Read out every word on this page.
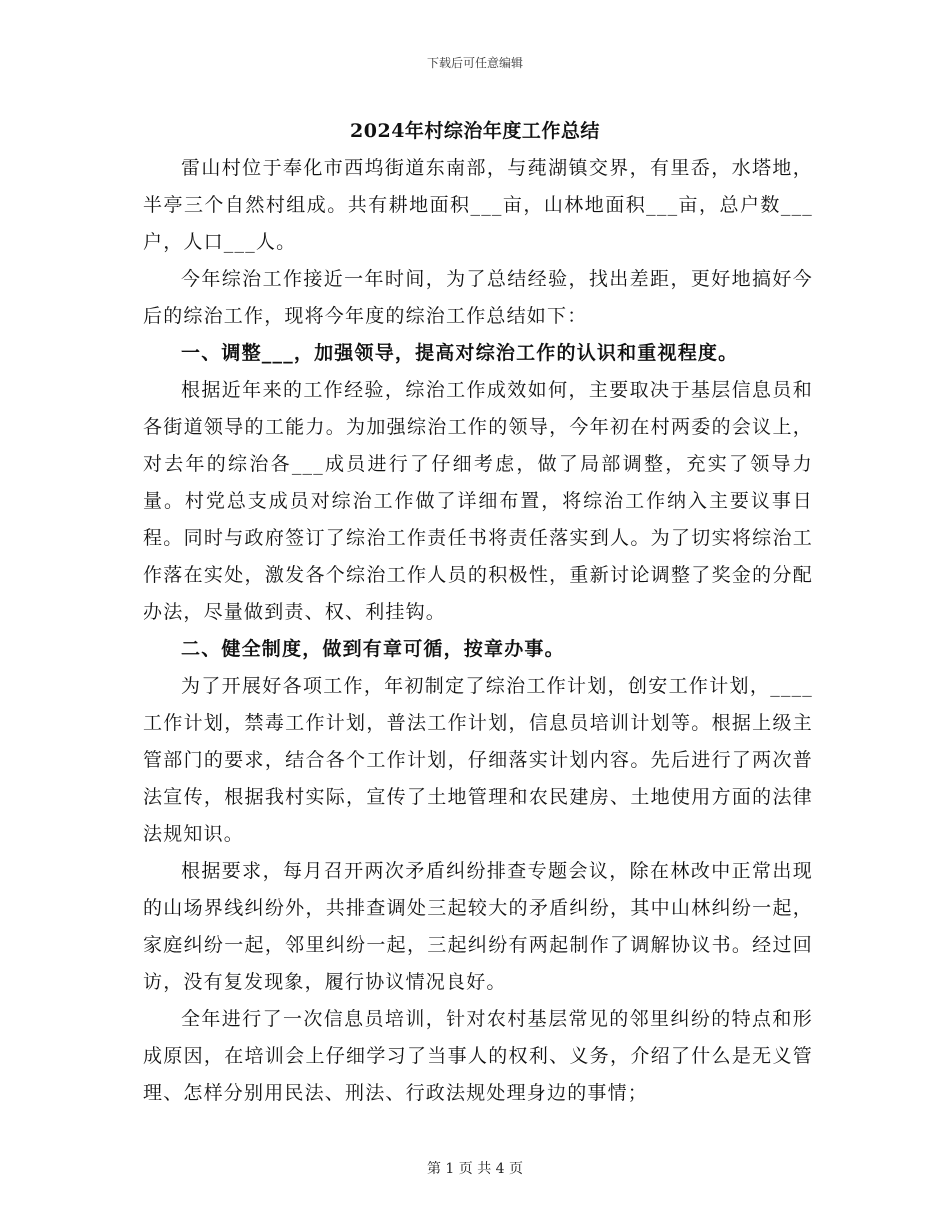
下载后可任意编辑
2024年村综治年度工作总结

雷山村位于奉化市西坞街道东南部，与莼湖镇交界，有里岙，水塔地，半亭三个自然村组成。共有耕地面积___亩，山林地面积___亩，总户数___户，人口___人。

今年综治工作接近一年时间，为了总结经验，找出差距，更好地搞好今后的综治工作，现将今年度的综治工作总结如下：

一、调整___，加强领导，提高对综治工作的认识和重视程度。

根据近年来的工作经验，综治工作成效如何，主要取决于基层信息员和各街道领导的工能力。为加强综治工作的领导，今年初在村两委的会议上，对去年的综治各___成员进行了仔细考虑，做了局部调整，充实了领导力量。村党总支成员对综治工作做了详细布置，将综治工作纳入主要议事日程。同时与政府签订了综治工作责任书将责任落实到人。为了切实将综治工作落在实处，激发各个综治工作人员的积极性，重新讨论调整了奖金的分配办法，尽量做到责、权、利挂钩。

二、健全制度，做到有章可循，按章办事。

为了开展好各项工作，年初制定了综治工作计划，创安工作计划，____工作计划，禁毒工作计划，普法工作计划，信息员培训计划等。根据上级主管部门的要求，结合各个工作计划，仔细落实计划内容。先后进行了两次普法宣传，根据我村实际，宣传了土地管理和农民建房、土地使用方面的法律法规知识。

根据要求，每月召开两次矛盾纠纷排查专题会议，除在林改中正常出现的山场界线纠纷外，共排查调处三起较大的矛盾纠纷，其中山林纠纷一起，家庭纠纷一起，邻里纠纷一起，三起纠纷有两起制作了调解协议书。经过回访，没有复发现象，履行协议情况良好。

全年进行了一次信息员培训，针对农村基层常见的邻里纠纷的特点和形成原因，在培训会上仔细学习了当事人的权利、义务，介绍了什么是无义管理、怎样分别用民法、刑法、行政法规处理身边的事情；

第 1 页 共 4 页
